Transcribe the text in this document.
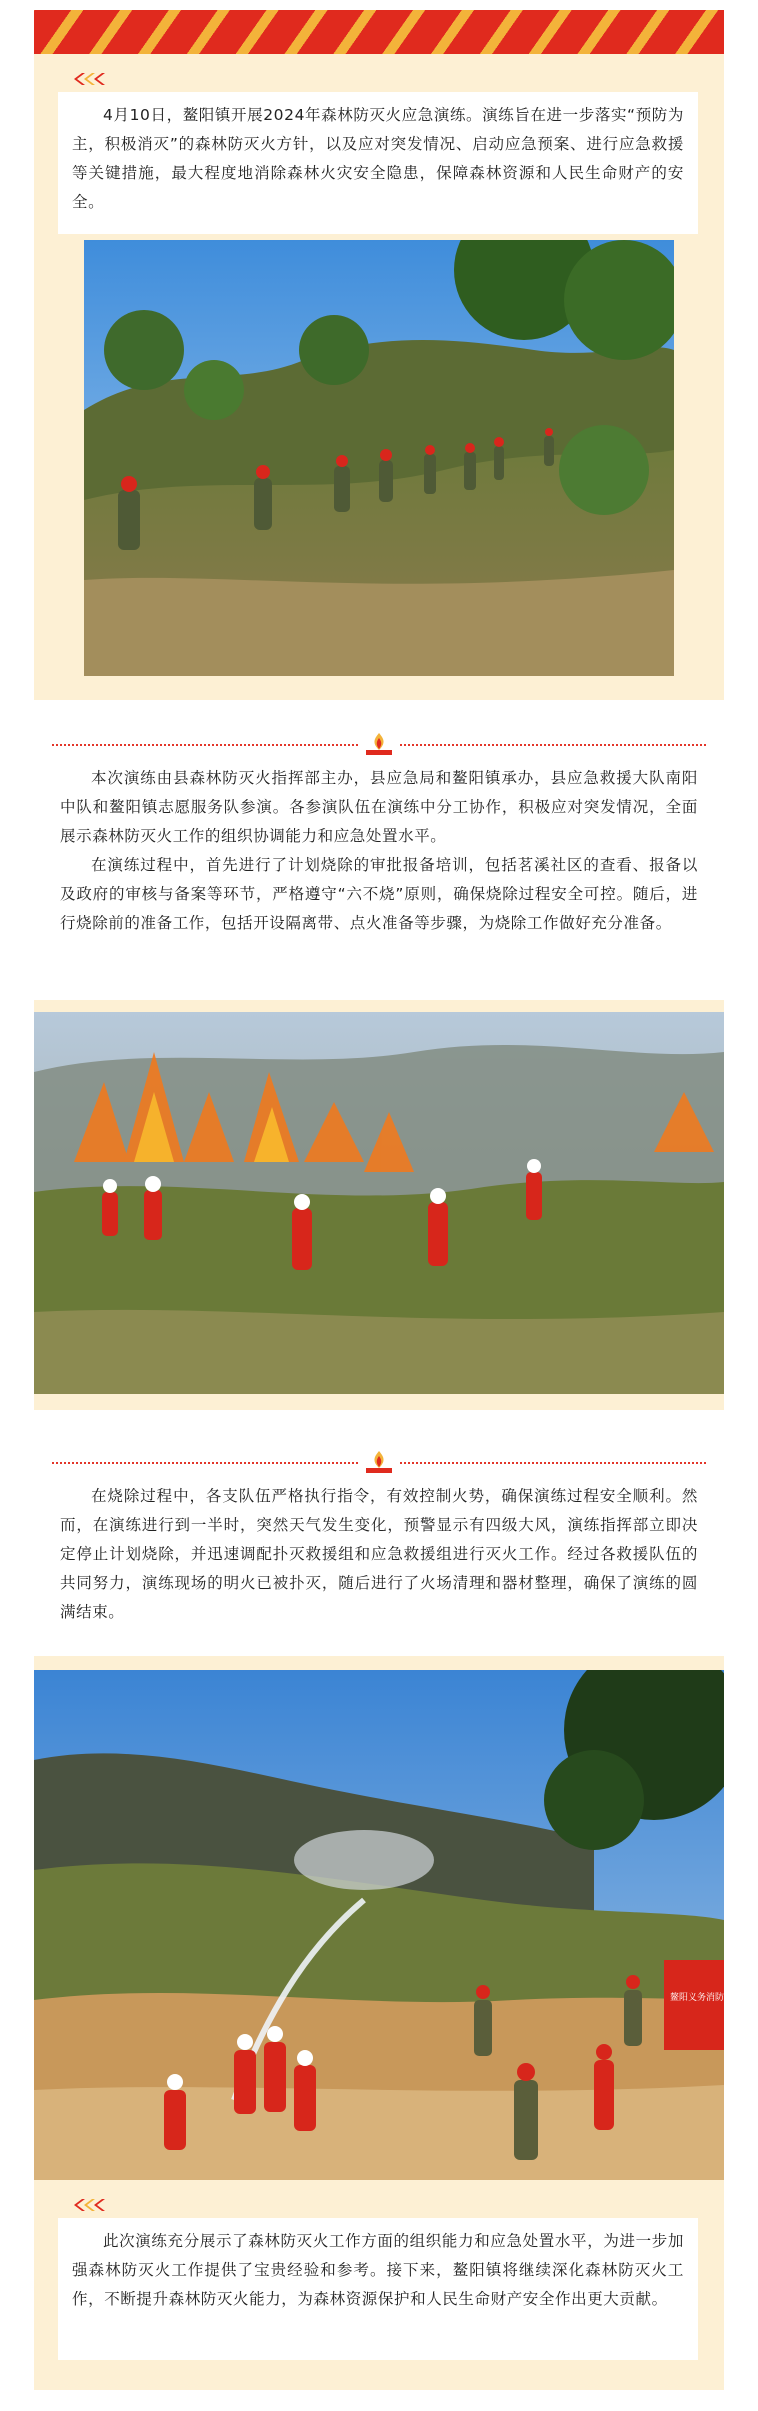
4月10日，鳌阳镇开展2024年森林防灭火应急演练。演练旨在进一步落实“预防为主，积极消灭”的森林防灭火方针，以及应对突发情况、启动应急预案、进行应急救援等关键措施，最大程度地消除森林火灾安全隐患，保障森林资源和人民生命财产的安全。

本次演练由县森林防灭火指挥部主办，县应急局和鳌阳镇承办，县应急救援大队南阳中队和鳌阳镇志愿服务队参演。各参演队伍在演练中分工协作，积极应对突发情况，全面展示森林防灭火工作的组织协调能力和应急处置水平。

在演练过程中，首先进行了计划烧除的审批报备培训，包括茗溪社区的查看、报备以及政府的审核与备案等环节，严格遵守“六不烧”原则，确保烧除过程安全可控。随后，进行烧除前的准备工作，包括开设隔离带、点火准备等步骤，为烧除工作做好充分准备。

在烧除过程中，各支队伍严格执行指令，有效控制火势，确保演练过程安全顺利。然而，在演练进行到一半时，突然天气发生变化，预警显示有四级大风，演练指挥部立即决定停止计划烧除，并迅速调配扑灭救援组和应急救援组进行灭火工作。经过各救援队伍的共同努力，演练现场的明火已被扑灭，随后进行了火场清理和器材整理，确保了演练的圆满结束。

鳌阳义务消防

此次演练充分展示了森林防灭火工作方面的组织能力和应急处置水平，为进一步加强森林防灭火工作提供了宝贵经验和参考。接下来，鳌阳镇将继续深化森林防灭火工作，不断提升森林防灭火能力，为森林资源保护和人民生命财产安全作出更大贡献。
